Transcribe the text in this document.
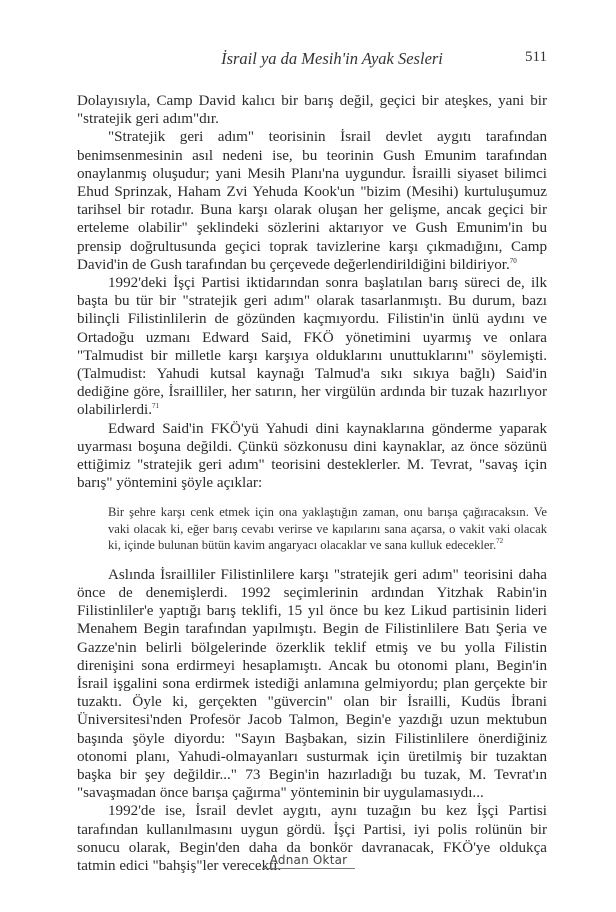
İsrail ya da Mesih'in Ayak Sesleri	511

Dolayısıyla, Camp David kalıcı bir barış değil, geçici bir ateşkes, yani bir "stratejik geri adım"dır.

"Stratejik geri adım" teorisinin İsrail devlet aygıtı tarafından benimsenmesinin asıl nedeni ise, bu teorinin Gush Emunim tarafından onaylanmış oluşudur; yani Mesih Planı'na uygundur. İsrailli siyaset bilimci Ehud Sprinzak, Haham Zvi Yehuda Kook'un "bizim (Mesihi) kurtuluşumuz tarihsel bir rotadır. Buna karşı olarak oluşan her gelişme, ancak geçici bir erteleme olabilir" şeklindeki sözlerini aktarıyor ve Gush Emunim'in bu prensip doğrultusunda geçici toprak tavizlerine karşı çıkmadığını, Camp David'in de Gush tarafından bu çerçevede değerlendirildiğini bildiriyor.$^{70}$

1992'deki İşçi Partisi iktidarından sonra başlatılan barış süreci de, ilk başta bu tür bir "stratejik geri adım" olarak tasarlanmıştı. Bu durum, bazı bilinçli Filistinlilerin de gözünden kaçmıyordu. Filistin'in ünlü aydını ve Ortadoğu uzmanı Edward Said, FKÖ yönetimini uyarmış ve onlara "Talmudist bir milletle karşı karşıya olduklarını unuttuklarını" söylemişti. (Talmudist: Yahudi kutsal kaynağı Talmud'a sıkı sıkıya bağlı) Said'in dediğine göre, İsrailliler, her satırın, her virgülün ardında bir tuzak hazırlıyor olabilirlerdi.$^{71}$

Edward Said'in FKÖ'yü Yahudi dini kaynaklarına gönderme yaparak uyarması boşuna değildi. Çünkü sözkonusu dini kaynaklar, az önce sözünü ettiğimiz "stratejik geri adım" teorisini desteklerler. M. Tevrat, "savaş için barış" yöntemini şöyle açıklar:

Bir şehre karşı cenk etmek için ona yaklaştığın zaman, onu barışa çağıracaksın. Ve vaki olacak ki, eğer barış cevabı verirse ve kapılarını sana açarsa, o vakit vaki olacak ki, içinde bulunan bütün kavim angaryacı olacaklar ve sana kulluk edecekler.$^{72}$

Aslında İsrailliler Filistinlilere karşı "stratejik geri adım" teorisini daha önce de denemişlerdi. 1992 seçimlerinin ardından Yitzhak Rabin'in Filistinliler'e yaptığı barış teklifi, 15 yıl önce bu kez Likud partisinin lideri Menahem Begin tarafından yapılmıştı. Begin de Filistinlilere Batı Şeria ve Gazze'nin belirli bölgelerinde özerklik teklif etmiş ve bu yolla Filistin direnişini sona erdirmeyi hesaplamıştı. Ancak bu otonomi planı, Begin'in İsrail işgalini sona erdirmek istediği anlamına gelmiyordu; plan gerçekte bir tuzaktı. Öyle ki, gerçekten "güvercin" olan bir İsrailli, Kudüs İbrani Üniversitesi'nden Profesör Jacob Talmon, Begin'e yazdığı uzun mektubun başında şöyle diyordu: "Sayın Başbakan, sizin Filistinlilere önerdiğiniz otonomi planı, Yahudi-olmayanları susturmak için üretilmiş bir tuzaktan başka bir şey değildir..." 73 Begin'in hazırladığı bu tuzak, M. Tevrat'ın "savaşmadan önce barışa çağırma" yönteminin bir uygulamasıydı...

1992'de ise, İsrail devlet aygıtı, aynı tuzağın bu kez İşçi Partisi tarafından kullanılmasını uygun gördü. İşçi Partisi, iyi polis rolünün bir sonucu olarak, Begin'den daha da bonkör davranacak, FKÖ'ye oldukça tatmin edici "bahşiş"ler verecekti.

Adnan Oktar
